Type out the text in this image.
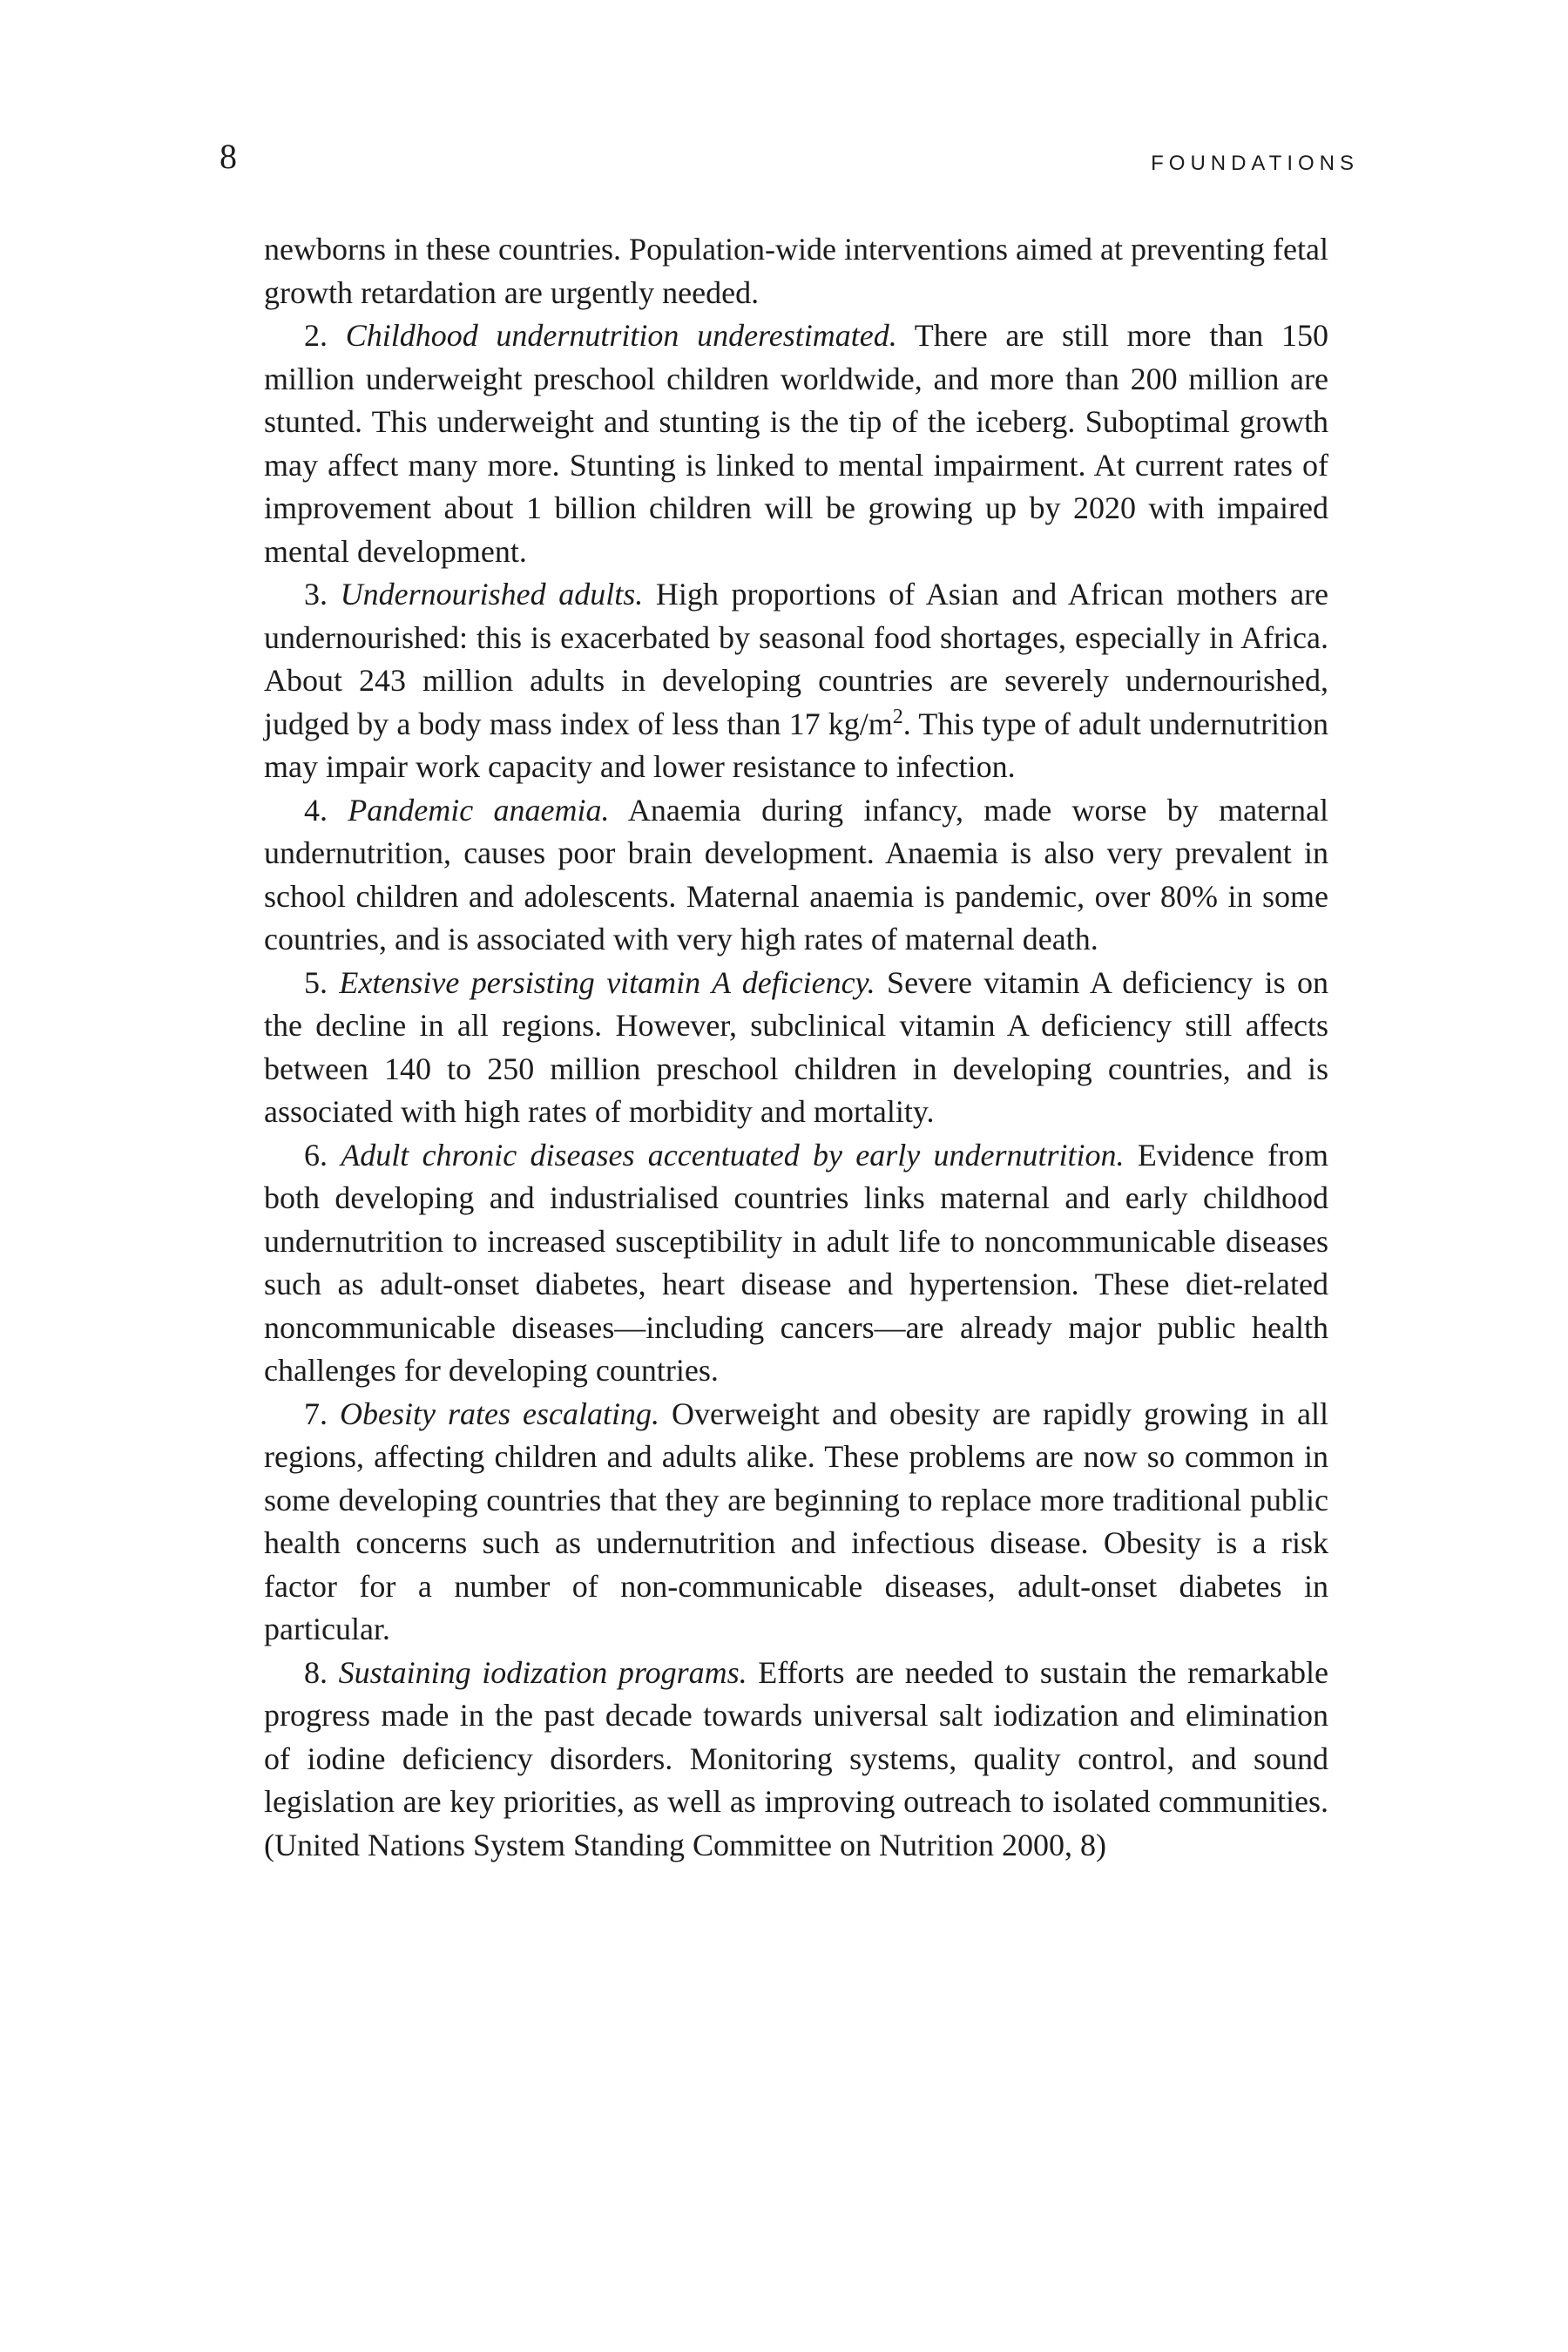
8	FOUNDATIONS

newborns in these countries. Population-wide interventions aimed at preventing fetal growth retardation are urgently needed.

2. Childhood undernutrition underestimated. There are still more than 150 million underweight preschool children worldwide, and more than 200 million are stunted. This underweight and stunting is the tip of the iceberg. Suboptimal growth may affect many more. Stunting is linked to mental impairment. At current rates of improvement about 1 billion children will be growing up by 2020 with impaired mental development.

3. Undernourished adults. High proportions of Asian and African mothers are undernourished: this is exacerbated by seasonal food shortages, especially in Africa. About 243 million adults in developing countries are severely undernourished, judged by a body mass index of less than 17 $kg/m^2$. This type of adult undernutrition may impair work capacity and lower resistance to infection.

4. Pandemic anaemia. Anaemia during infancy, made worse by maternal undernutrition, causes poor brain development. Anaemia is also very prevalent in school children and adolescents. Maternal anaemia is pandemic, over 80% in some countries, and is associated with very high rates of maternal death.

5. Extensive persisting vitamin A deficiency. Severe vitamin A deficiency is on the decline in all regions. However, subclinical vitamin A deficiency still affects between 140 to 250 million preschool children in developing countries, and is associated with high rates of morbidity and mortality.

6. Adult chronic diseases accentuated by early undernutrition. Evidence from both developing and industrialised countries links maternal and early childhood undernutrition to increased susceptibility in adult life to noncommunicable diseases such as adult-onset diabetes, heart disease and hypertension. These diet-related noncommunicable diseases—including cancers—are already major public health challenges for developing countries.

7. Obesity rates escalating. Overweight and obesity are rapidly growing in all regions, affecting children and adults alike. These problems are now so common in some developing countries that they are beginning to replace more traditional public health concerns such as undernutrition and infectious disease. Obesity is a risk factor for a number of non-communicable diseases, adult-onset diabetes in particular.

8. Sustaining iodization programs. Efforts are needed to sustain the remarkable progress made in the past decade towards universal salt iodization and elimination of iodine deficiency disorders. Monitoring systems, quality control, and sound legislation are key priorities, as well as improving outreach to isolated communities. (United Nations System Standing Committee on Nutrition 2000, 8)
